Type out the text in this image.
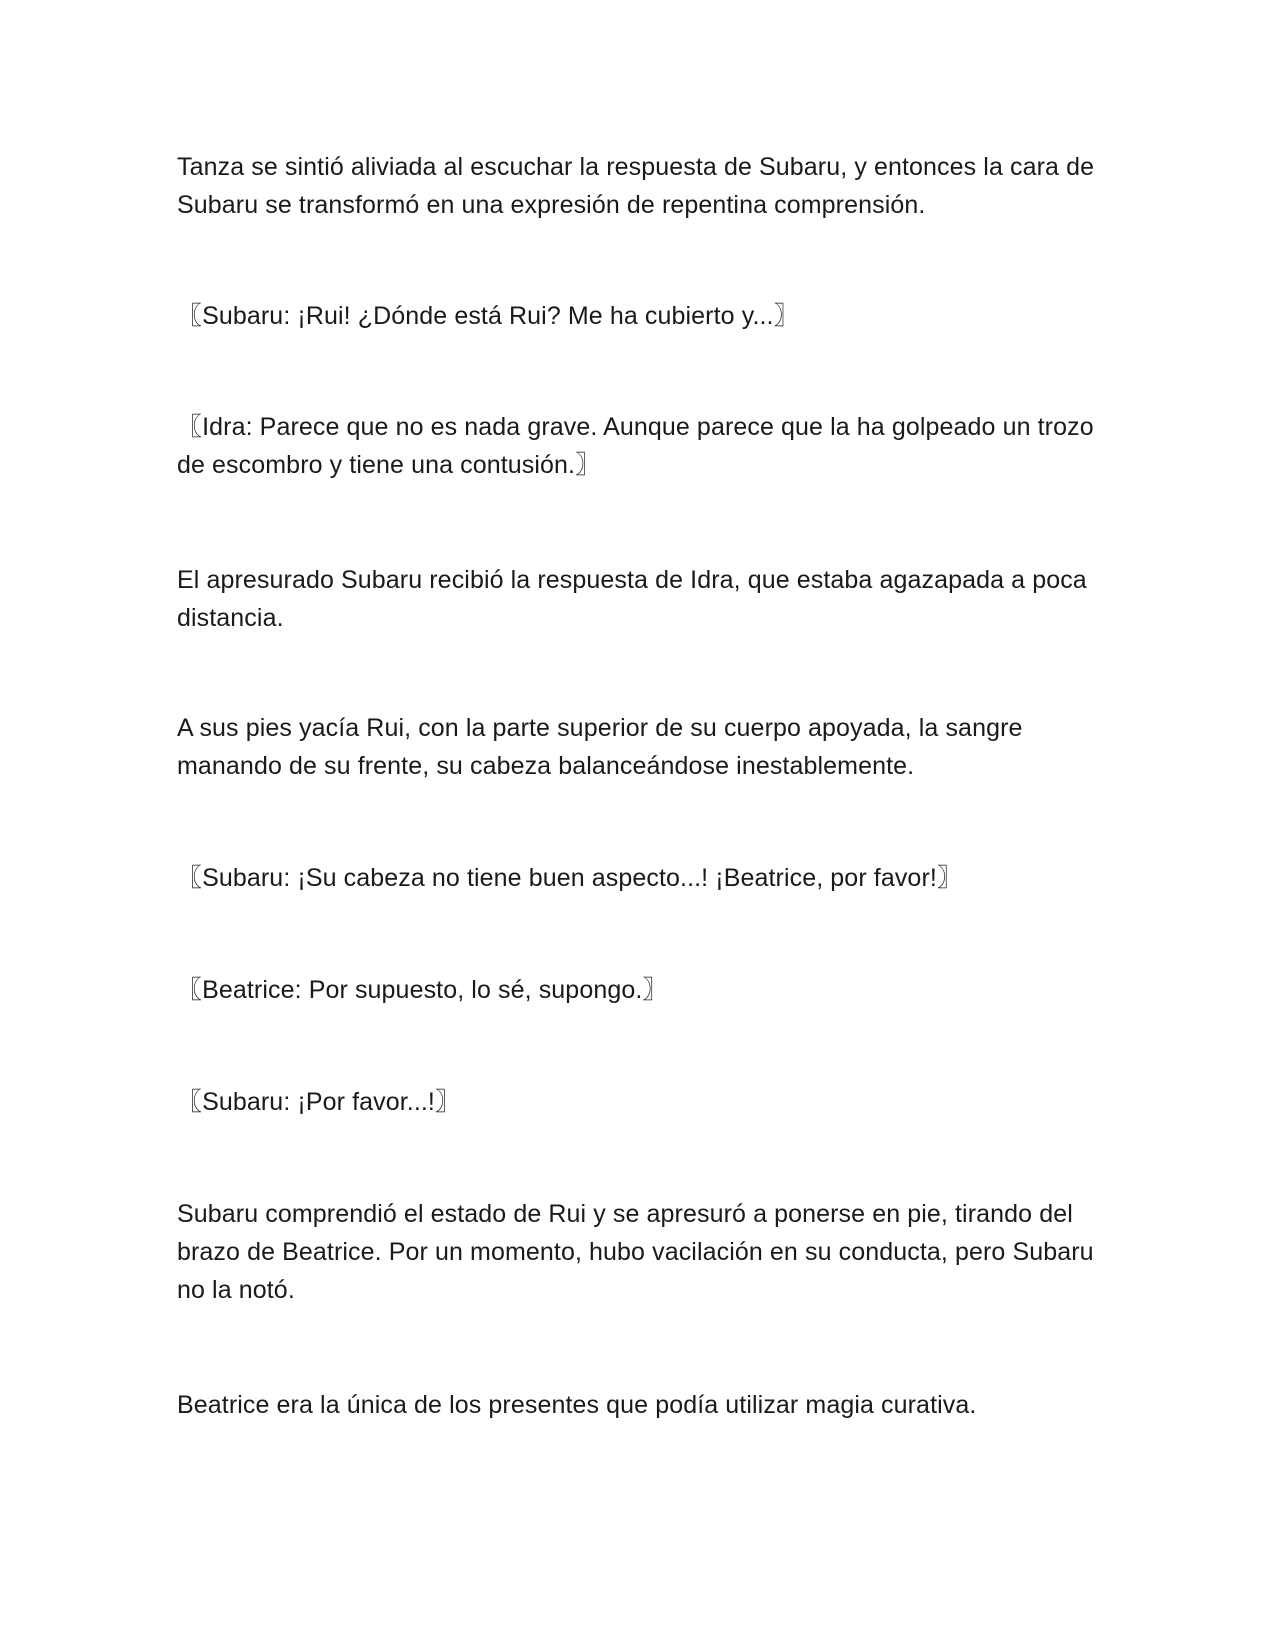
Tanza se sintió aliviada al escuchar la respuesta de Subaru, y entonces la cara de Subaru se transformó en una expresión de repentina comprensión.

〖Subaru: ¡Rui! ¿Dónde está Rui? Me ha cubierto y...〗

〖Idra: Parece que no es nada grave. Aunque parece que la ha golpeado un trozo de escombro y tiene una contusión.〗

El apresurado Subaru recibió la respuesta de Idra, que estaba agazapada a poca distancia.

A sus pies yacía Rui, con la parte superior de su cuerpo apoyada, la sangre manando de su frente, su cabeza balanceándose inestablemente.

〖Subaru: ¡Su cabeza no tiene buen aspecto...! ¡Beatrice, por favor!〗

〖Beatrice: Por supuesto, lo sé, supongo.〗

〖Subaru: ¡Por favor...!〗

Subaru comprendió el estado de Rui y se apresuró a ponerse en pie, tirando del brazo de Beatrice. Por un momento, hubo vacilación en su conducta, pero Subaru no la notó.

Beatrice era la única de los presentes que podía utilizar magia curativa.
